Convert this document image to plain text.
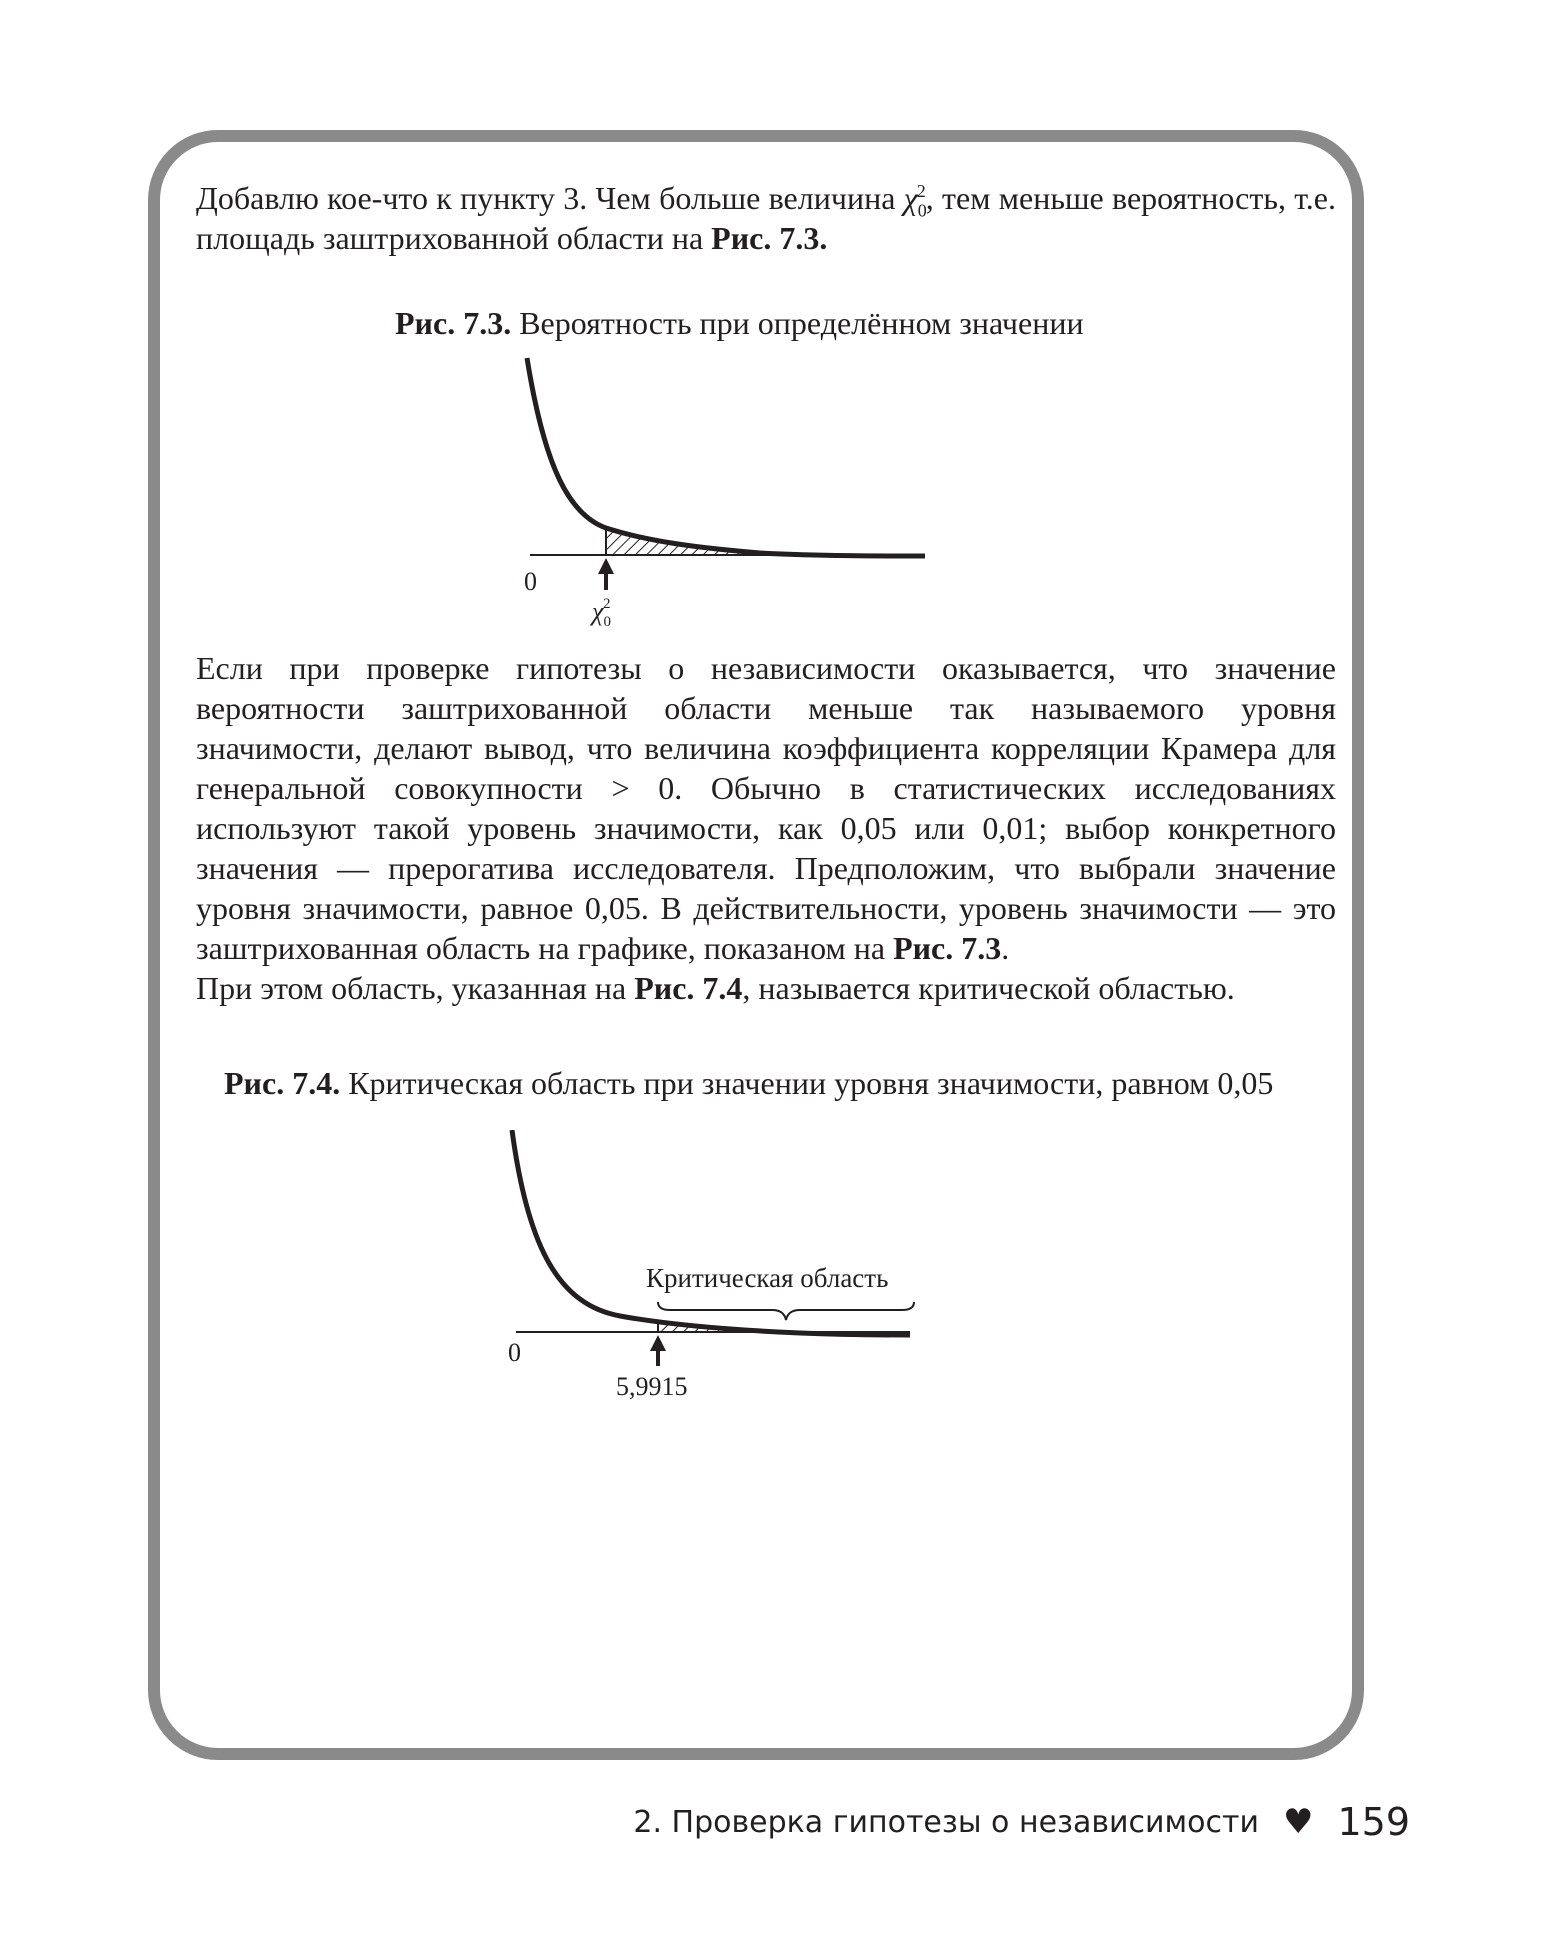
Добавлю кое-что к пункту 3. Чем больше величина $\chi_0^2$, тем меньше вероятность, т.е. площадь заштрихованной области на Рис. 7.3.

Рис. 7.3. Вероятность при определённом значении
0
$\chi_02$

Если при проверке гипотезы о независимости оказывается, что значение вероятности заштрихованной области меньше так называемого уровня значимости, делают вывод, что величина коэффициента корреляции Крамера для генеральной совокупности > 0. Обычно в статистических исследованиях используют такой уровень значимости, как 0,05 или 0,01; выбор конкретного значения — прерогатива исследователя. Предположим, что выбрали значение уровня значимости, равное 0,05. В действительности, уровень значимости — это заштрихованная область на графике, показаном на Рис. 7.3.

При этом область, указанная на Рис. 7.4, называется критической областью.

Рис. 7.4. Критическая область при значении уровня значимости, равном 0,05
Критическая область
0
5,9915
2. Проверка гипотезы о независимости ♥ 159
